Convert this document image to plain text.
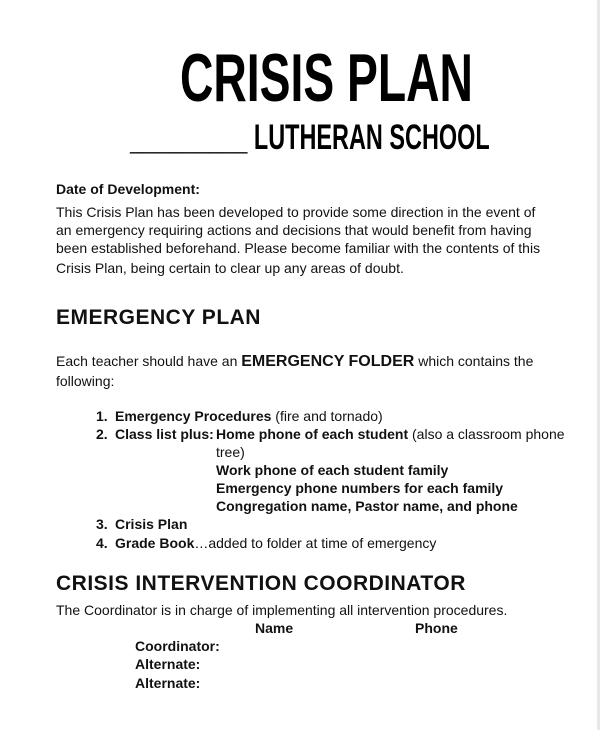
CRISIS PLAN
_________ LUTHERAN SCHOOL
Date of Development:
This Crisis Plan has been developed to provide some direction in the event of
an emergency requiring actions and decisions that would benefit from having
been established beforehand. Please become familiar with the contents of this
Crisis Plan, being certain to clear up any areas of doubt.
EMERGENCY PLAN
Each teacher should have an EMERGENCY FOLDER which contains the
following:
1. Emergency Procedures (fire and tornado)
2. Class list plus: Home phone of each student (also a classroom phone
tree)
Work phone of each student family
Emergency phone numbers for each family
Congregation name, Pastor name, and phone
3. Crisis Plan
4. Grade Book…added to folder at time of emergency
CRISIS INTERVENTION COORDINATOR
The Coordinator is in charge of implementing all intervention procedures.
Name	Phone
Coordinator:
Alternate:
Alternate:
